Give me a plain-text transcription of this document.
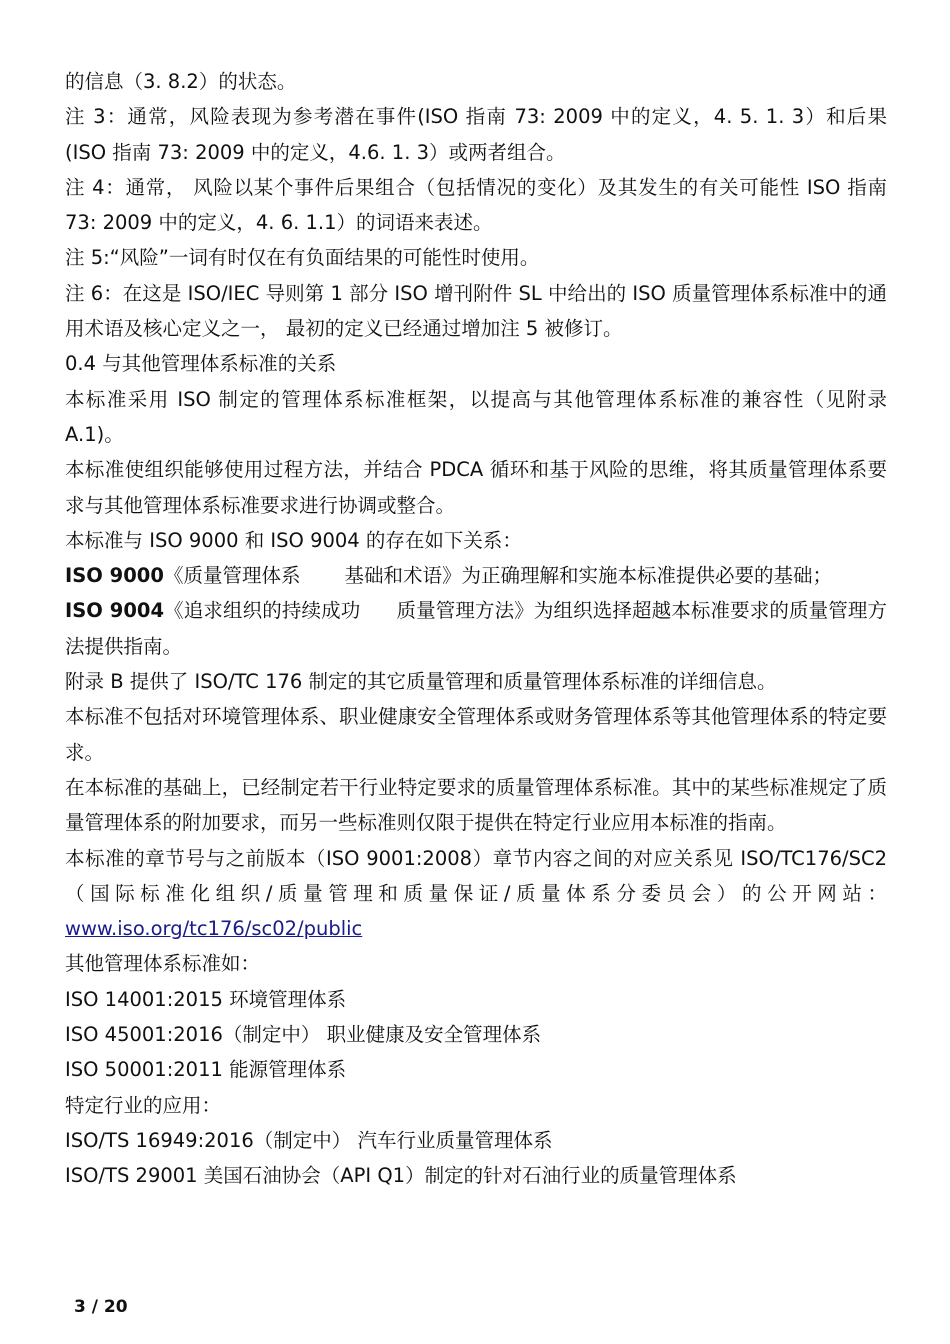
的信息（3. 8.2）的状态。

注 3：通常，风险表现为参考潜在事件(ISO 指南 73: 2009 中的定义，4. 5. 1. 3）和后果 (ISO 指南 73: 2009 中的定义，4.6. 1. 3）或两者组合。

注 4：通常， 风险以某个事件后果组合（包括情况的变化）及其发生的有关可能性 ISO 指南 73: 2009 中的定义，4. 6. 1.1）的词语来表述。

注 5:“风险”一词有时仅在有负面结果的可能性时使用。

注 6：在这是 ISO/IEC 导则第 1 部分 ISO 增刊附件 SL 中给出的 ISO 质量管理体系标准中的通用术语及核心定义之一， 最初的定义已经通过增加注 5 被修订。

0.4 与其他管理体系标准的关系

本标准采用 ISO 制定的管理体系标准框架，以提高与其他管理体系标准的兼容性（见附录 A.1)。

本标准使组织能够使用过程方法，并结合 PDCA 循环和基于风险的思维，将其质量管理体系要求与其他管理体系标准要求进行协调或整合。

本标准与 ISO 9000 和 ISO 9004 的存在如下关系：

ISO 9000《质量管理体系 基础和术语》为正确理解和实施本标准提供必要的基础；

ISO 9004《追求组织的持续成功 质量管理方法》为组织选择超越本标准要求的质量管理方法提供指南。

附录 B 提供了 ISO/TC 176 制定的其它质量管理和质量管理体系标准的详细信息。

本标准不包括对环境管理体系、职业健康安全管理体系或财务管理体系等其他管理体系的特定要求。

在本标准的基础上，已经制定若干行业特定要求的质量管理体系标准。其中的某些标准规定了质量管理体系的附加要求，而另一些标准则仅限于提供在特定行业应用本标准的指南。

本标准的章节号与之前版本（ISO 9001:2008）章节内容之间的对应关系见 ISO/TC176/SC2（国际标准化组织/质量管理和质量保证/质量体系分委员会）的公开网站：www.iso.org/tc176/sc02/public

其他管理体系标准如：

ISO 14001:2015 环境管理体系

ISO 45001:2016（制定中） 职业健康及安全管理体系

ISO 50001:2011 能源管理体系

特定行业的应用：

ISO/TS 16949:2016（制定中） 汽车行业质量管理体系

ISO/TS 29001 美国石油协会（API Q1）制定的针对石油行业的质量管理体系

3 / 20
